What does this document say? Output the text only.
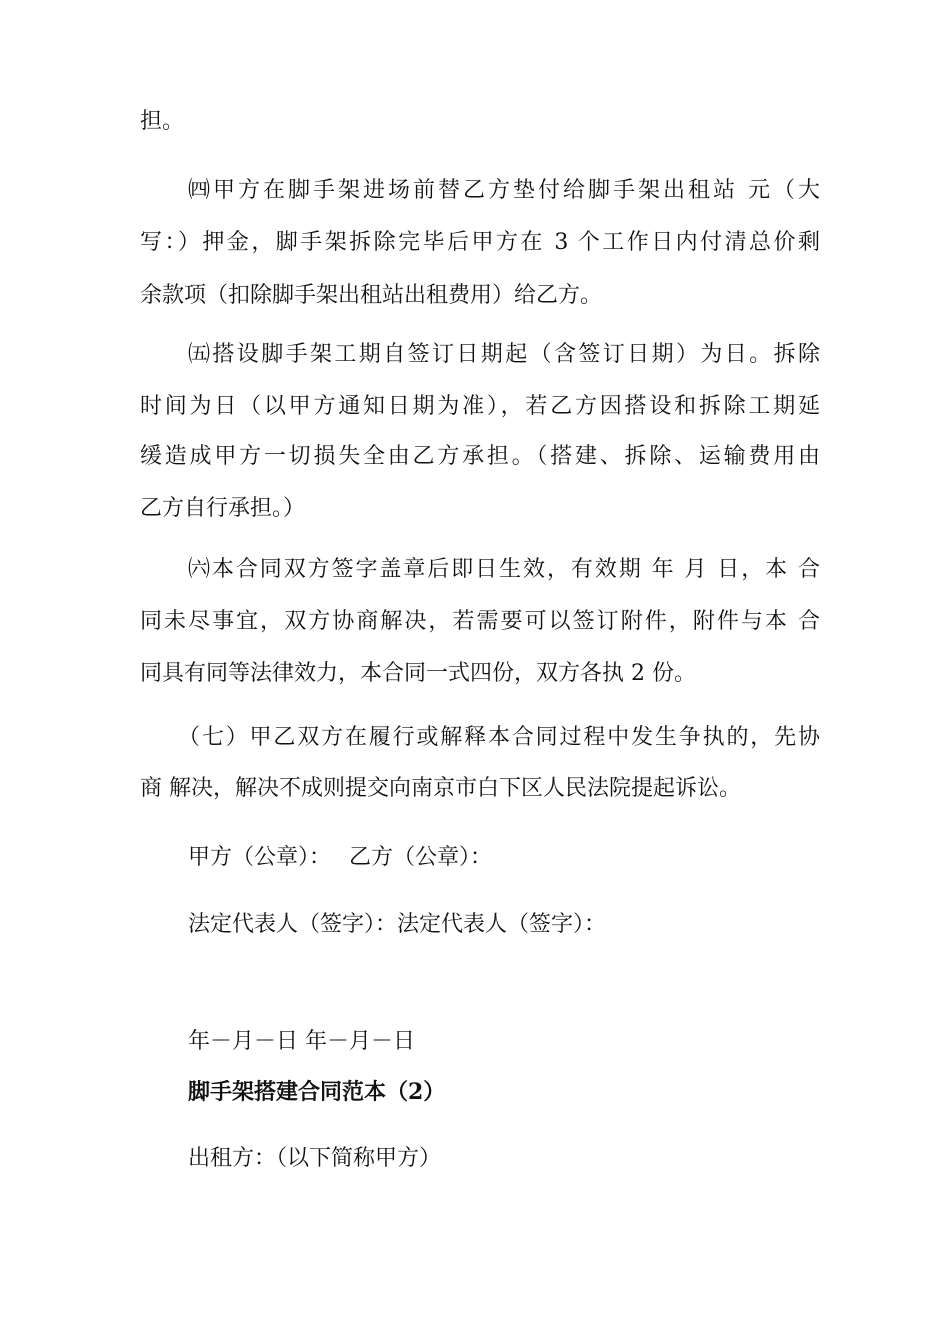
担。
㈣甲方在脚手架进场前替乙方垫付给脚手架出租站 元（大
写：）押金，脚手架拆除完毕后甲方在 3 个工作日内付清总价剩
余款项（扣除脚手架出租站出租费用）给乙方。
㈤搭设脚手架工期自签订日期起（含签订日期）为日。拆除
时间为日（以甲方通知日期为准），若乙方因搭设和拆除工期延
缓造成甲方一切损失全由乙方承担。（搭建、拆除、运输费用由
乙方自行承担。）
㈥本合同双方签字盖章后即日生效，有效期 年 月 日，本 合
同未尽事宜，双方协商解决，若需要可以签订附件，附件与本 合
同具有同等法律效力，本合同一式四份，双方各执 2 份。
（七）甲乙双方在履行或解释本合同过程中发生争执的，先协
商 解决，解决不成则提交向南京市白下区人民法院提起诉讼。
甲方（公章）：　 乙方（公章）：
法定代表人（签字）：法定代表人（签字）：
年－月－日 年－月－日
脚手架搭建合同范本（2）
出租方：（以下简称甲方）
